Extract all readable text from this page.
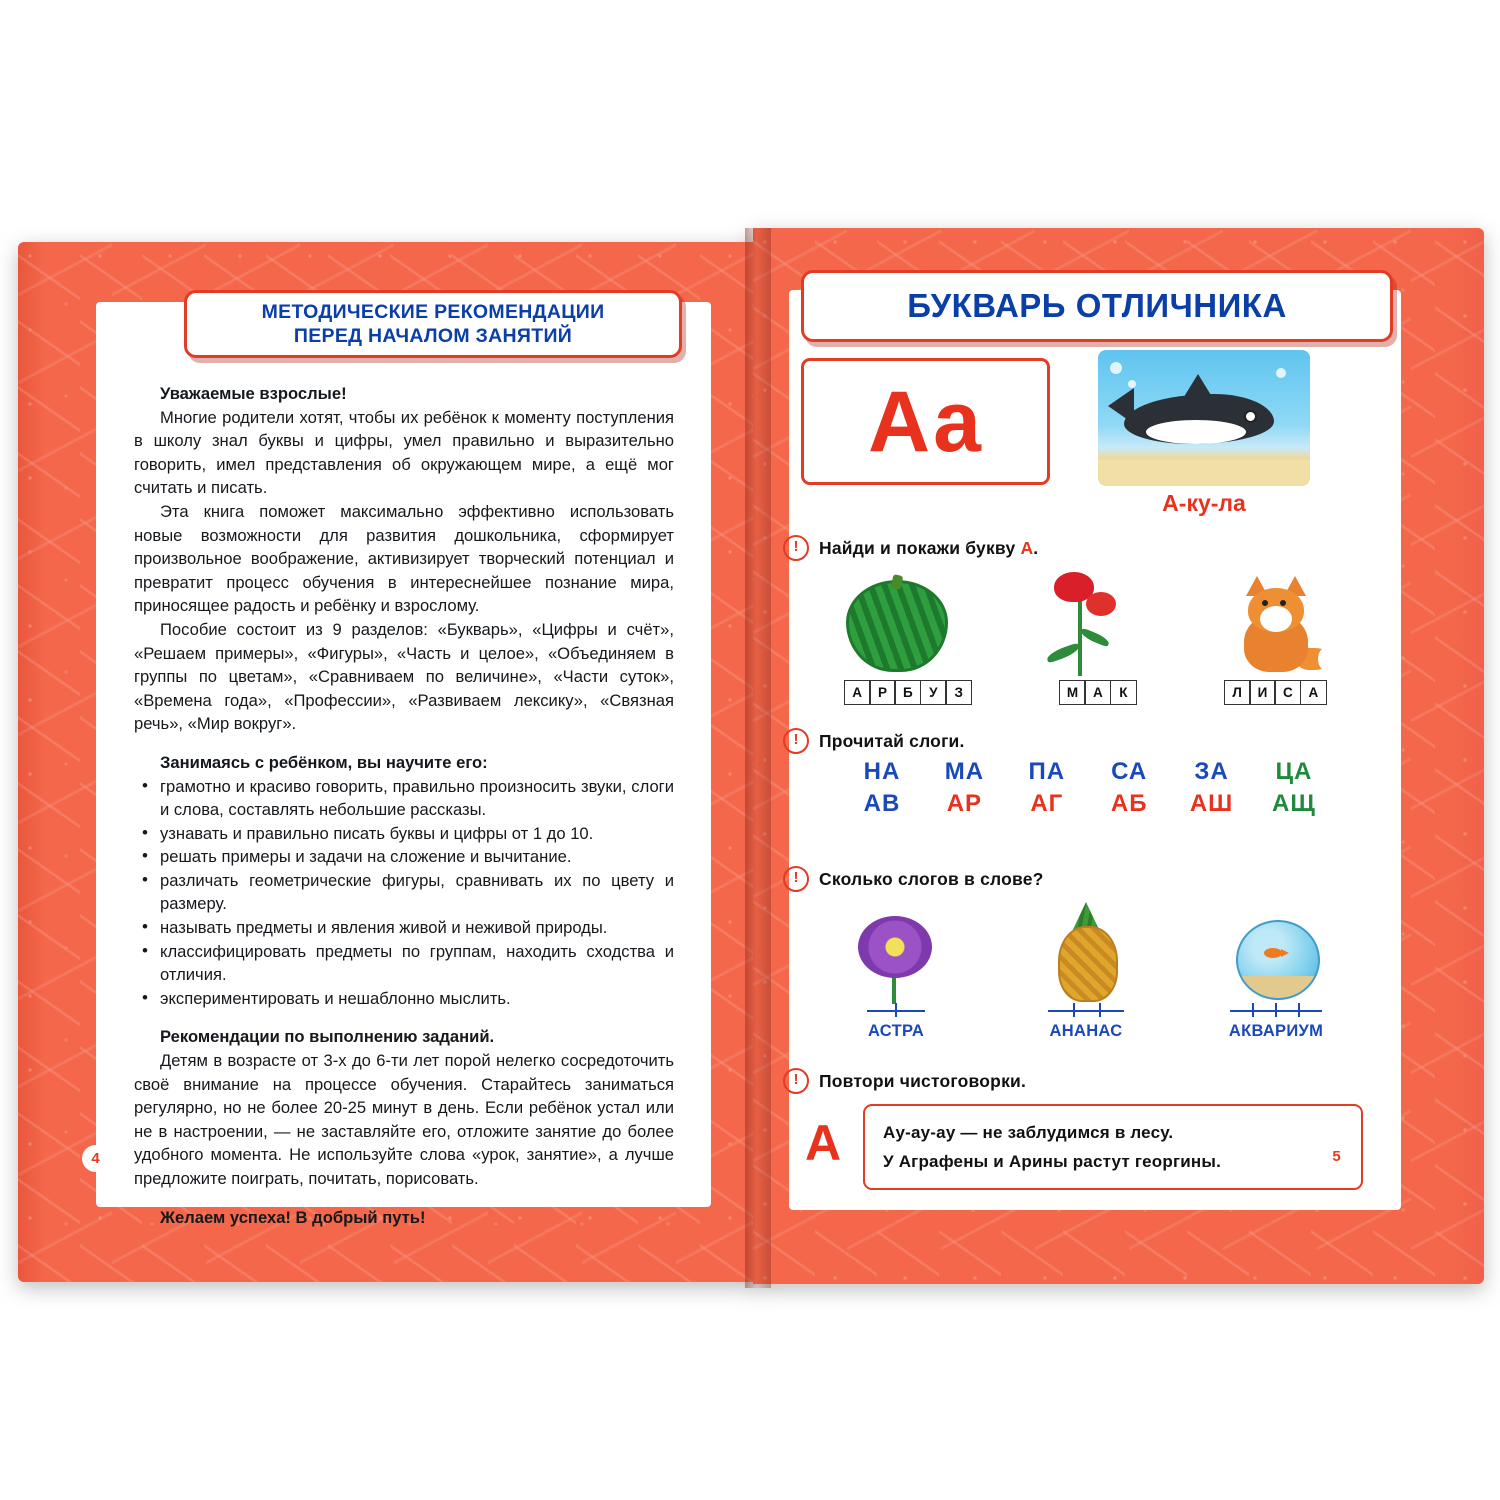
МЕТОДИЧЕСКИЕ РЕКОМЕНДАЦИИ
ПЕРЕД НАЧАЛОМ ЗАНЯТИЙ

Уважаемые взрослые!

Многие родители хотят, чтобы их ребёнок к моменту поступления в школу знал буквы и цифры, умел правильно и выразительно говорить, имел представления об окружающем мире, а ещё мог считать и писать.

Эта книга поможет максимально эффективно использовать новые возможности для развития дошкольника, сформирует произвольное воображение, активизирует творческий потенциал и превратит процесс обучения в интереснейшее познание мира, приносящее радость и ребёнку и взрослому.

Пособие состоит из 9 разделов: «Букварь», «Цифры и счёт», «Решаем примеры», «Фигуры», «Часть и целое», «Объединяем в группы по цветам», «Сравниваем по величине», «Части суток», «Времена года», «Профессии», «Развиваем лексику», «Связная речь», «Мир вокруг».

Занимаясь с ребёнком, вы научите его:

• грамотно и красиво говорить, правильно произносить звуки, слоги и слова, составлять небольшие рассказы.
• узнавать и правильно писать буквы и цифры от 1 до 10.
• решать примеры и задачи на сложение и вычитание.
• различать геометрические фигуры, сравнивать их по цвету и размеру.
• называть предметы и явления живой и неживой природы.
• классифицировать предметы по группам, находить сходства и отличия.
• экспериментировать и нешаблонно мыслить.

Рекомендации по выполнению заданий.

Детям в возрасте от 3-х до 6-ти лет порой нелегко сосредоточить своё внимание на процессе обучения. Старайтесь заниматься регулярно, но не более 20-25 минут в день. Если ребёнок устал или не в настроении, — не заставляйте его, отложите занятие до более удобного момента. Не используйте слова «урок, занятие», а лучше предложите поиграть, почитать, порисовать.

Желаем успеха! В добрый путь!

4
БУКВАРЬ ОТЛИЧНИКА
Аа
А-ку-ла
!	Найди и покажи букву А.
А	Р	Б	У	З	М	А	К	Л	И	С	А
!	Прочитай слоги.
НА	МА	ПА	СА	ЗА	ЦА
АВ	АР	АГ	АБ	АШ	АЩ
!	Сколько слогов в слове?
АСТРА	АНАНАС	АКВАРИУМ
!	Повтори чистоговорки.
А Ау-ау-ау — не заблудимся в лесу.
У Аграфены и Арины растут георгины.	5
